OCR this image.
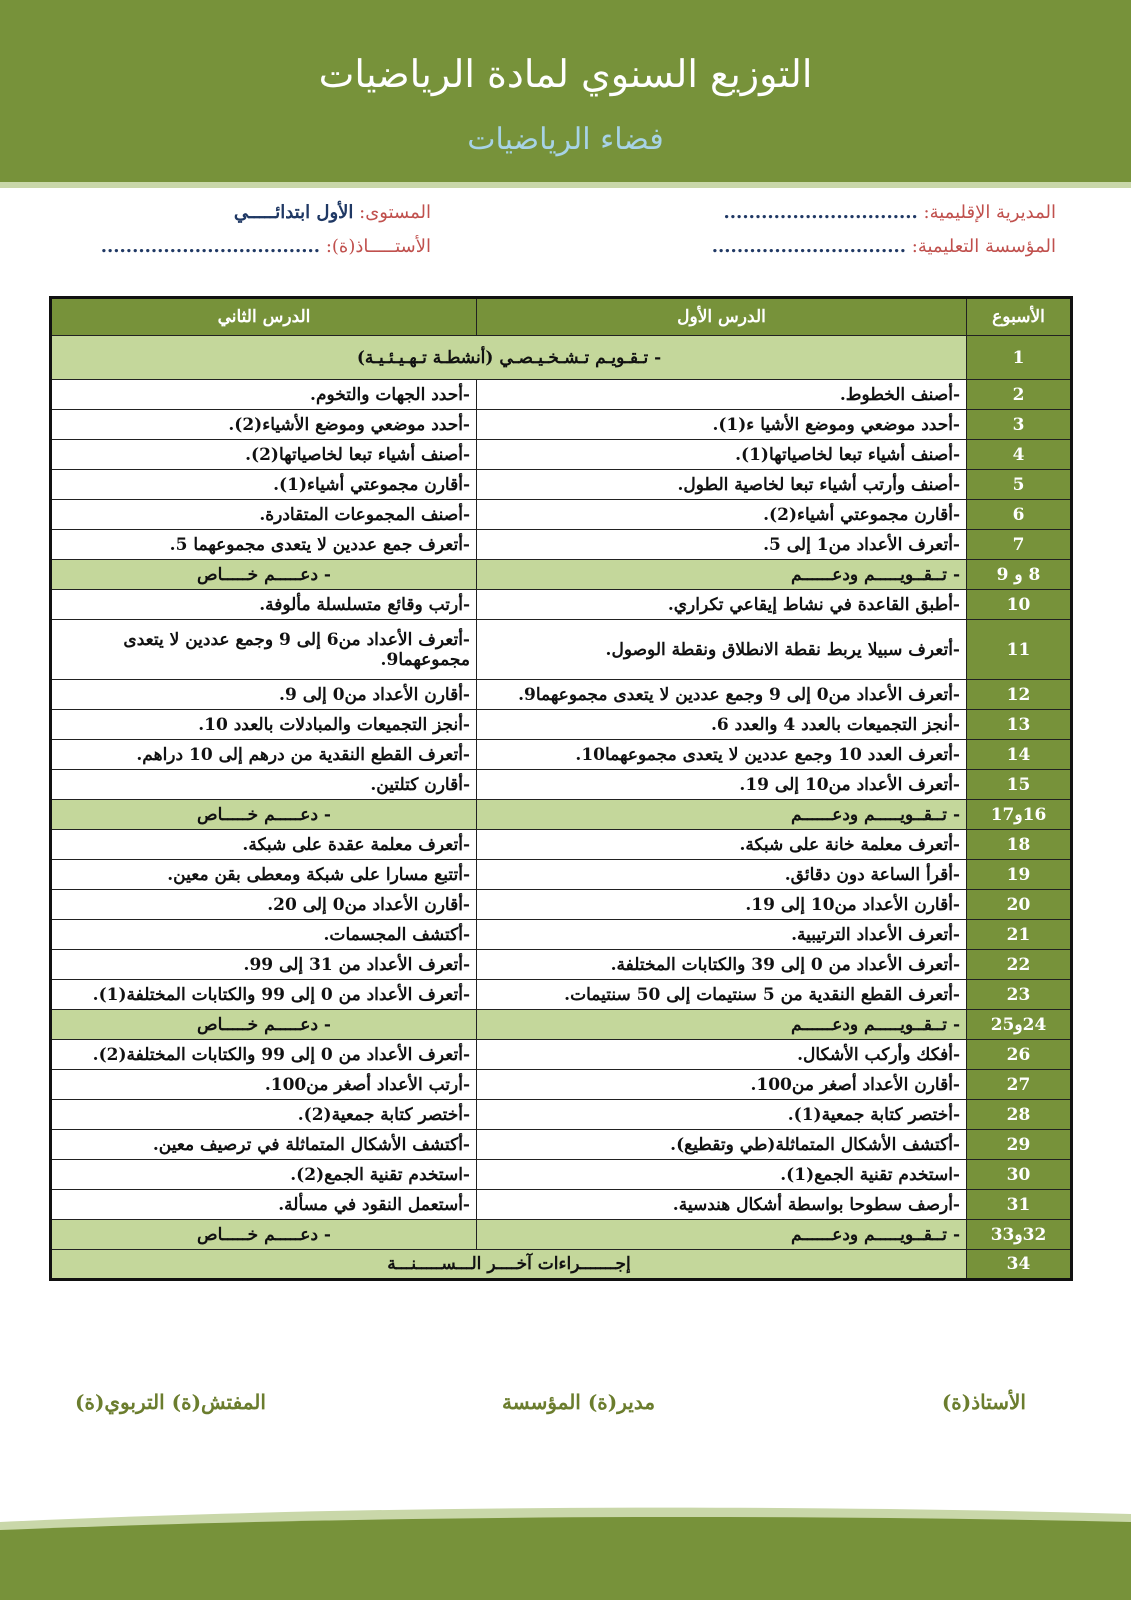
التوزيع السنوي لمادة الرياضيات
فضاء الرياضيات
المديرية الإقليمية: ...............................
المؤسسة التعليمية: ...............................
المستوى: الأول ابتدائـــــي
الأستـــــاذ(ة): ...................................
الأسبوع	الدرس الأول	الدرس الثاني
1	- تـقـويـم تـشـخـيـصـي (أنشطـة تـهـيـئـيـة)	
2	-أصنف الخطوط.	-أحدد الجهات والتخوم.
3	-أحدد موضعي وموضع الأشيا ء(1).	-أحدد موضعي وموضع الأشياء(2).
4	-أصنف أشياء تبعا لخاصياتها(1).	-أصنف أشياء تبعا لخاصياتها(2).
5	-أصنف وأرتب أشياء تبعا لخاصية الطول.	-أقارن مجموعتي أشياء(1).
6	-أقارن مجموعتي أشياء(2).	-أصنف المجموعات المتقادرة.
7	-أتعرف الأعداد من1 إلى 5.	-أتعرف جمع عددين لا يتعدى مجموعهما 5.
8 و 9	- تــقــويـــــم ودعــــــم	- دعـــــم خـــــاص
10	-أطبق القاعدة في نشاط إيقاعي تكراري.	-أرتب وقائع متسلسلة مألوفة.
11	-أتعرف سبيلا يربط نقطة الانطلاق ونقطة الوصول.	-أتعرف الأعداد من6 إلى 9 وجمع عددين لا يتعدى مجموعهما9.
12	-أتعرف الأعداد من0 إلى 9 وجمع عددين لا يتعدى مجموعهما9.	-أقارن الأعداد من0 إلى 9.
13	-أنجز التجميعات بالعدد 4 والعدد 6.	-أنجز التجميعات والمبادلات بالعدد 10.
14	-أتعرف العدد 10 وجمع عددين لا يتعدى مجموعهما10.	-أتعرف القطع النقدية من درهم إلى 10 دراهم.
15	-أتعرف الأعداد من10 إلى 19.	-أقارن كتلتين.
16و17	- تــقــويـــــم ودعــــــم	- دعـــــم خـــــاص
18	-أتعرف معلمة خانة على شبكة.	-أتعرف معلمة عقدة على شبكة.
19	-أقرأ الساعة دون دقائق.	-أتتبع مسارا على شبكة ومعطى بقن معين.
20	-أقارن الأعداد من10 إلى 19.	-أقارن الأعداد من0 إلى 20.
21	-أتعرف الأعداد الترتيبية.	-أكتشف المجسمات.
22	-أتعرف الأعداد من 0 إلى 39 والكتابات المختلفة.	-أتعرف الأعداد من 31 إلى 99.
23	-أتعرف القطع النقدية من 5 سنتيمات إلى 50 سنتيمات.	-أتعرف الأعداد من 0 إلى 99 والكتابات المختلفة(1).
24و25	- تــقــويـــــم ودعــــــم	- دعـــــم خـــــاص
26	-أفكك وأركب الأشكال.	-أتعرف الأعداد من 0 إلى 99 والكتابات المختلفة(2).
27	-أقارن الأعداد أصغر من100.	-أرتب الأعداد أصغر من100.
28	-أختصر كتابة جمعية(1).	-أختصر كتابة جمعية(2).
29	-أكتشف الأشكال المتماثلة(طي وتقطيع).	-أكتشف الأشكال المتماثلة في ترصيف معين.
30	-استخدم تقنية الجمع(1).	-استخدم تقنية الجمع(2).
31	-أرصف سطوحا بواسطة أشكال هندسية.	-أستعمل النقود في مسألة.
32و33	- تــقــويـــــم ودعــــــم	- دعـــــم خـــــاص
34	إجـــــــراءات آخــــر الـــســـــنـــة	
الأستاذ(ة)
مدير(ة) المؤسسة
المفتش(ة) التربوي(ة)
